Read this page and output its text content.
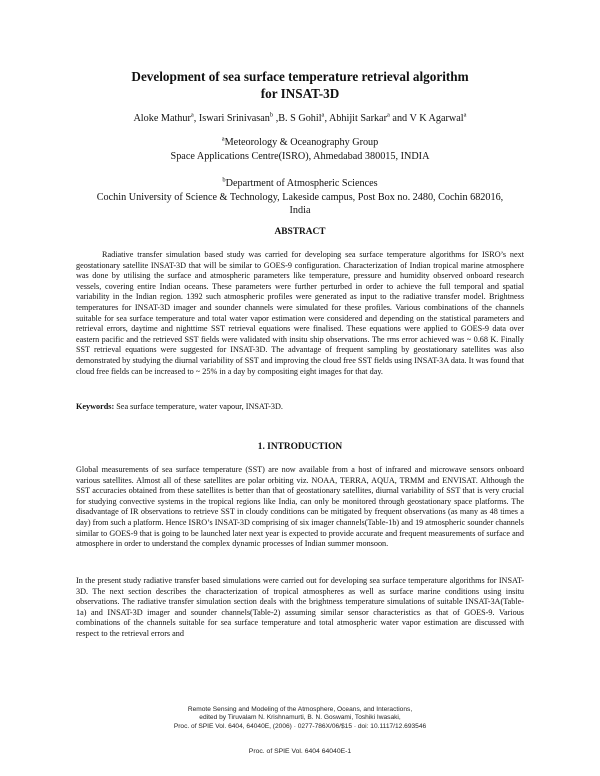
Development of sea surface temperature retrieval algorithm
for INSAT-3D
Aloke Mathur$^a$, Iswari Srinivasan$^b$ ,B. S Gohil$^a$, Abhijit Sarkar$^a$ and V K Agarwal$^a$
$^a$Meteorology & Oceanography Group
Space Applications Centre(ISRO), Ahmedabad 380015, INDIA
$^b$Department of Atmospheric Sciences
Cochin University of Science & Technology, Lakeside campus, Post Box no. 2480, Cochin 682016,
India
ABSTRACT
Radiative transfer simulation based study was carried for developing sea surface temperature algorithms for ISRO’s next geostationary satellite INSAT-3D that will be similar to GOES-9 configuration. Characterization of Indian tropical marine atmosphere was done by utilising the surface and atmospheric parameters like temperature, pressure and humidity observed onboard research vessels, covering entire Indian oceans. These parameters were further perturbed in order to achieve the full temporal and spatial variability in the Indian region. 1392 such atmospheric profiles were generated as input to the radiative transfer model. Brightness temperatures for INSAT-3D imager and sounder channels were simulated for these profiles. Various combinations of the channels suitable for sea surface temperature and total water vapor estimation were considered and depending on the statistical parameters and retrieval errors, daytime and nighttime SST retrieval equations were finalised. These equations were applied to GOES-9 data over eastern pacific and the retrieved SST fields were validated with insitu ship observations. The rms error achieved was ~ 0.68 K. Finally SST retrieval equations were suggested for INSAT-3D. The advantage of frequent sampling by geostationary satellites was also demonstrated by studying the diurnal variability of SST and improving the cloud free SST fields using INSAT-3A data. It was found that cloud free fields can be increased to ~ 25% in a day by compositing eight images for that day.
Keywords: Sea surface temperature, water vapour, INSAT-3D.
1. INTRODUCTION
Global measurements of sea surface temperature (SST) are now available from a host of infrared and microwave sensors onboard various satellites. Almost all of these satellites are polar orbiting viz. NOAA, TERRA, AQUA, TRMM and ENVISAT. Although the SST accuracies obtained from these satellites is better than that of geostationary satellites, diurnal variability of SST that is very crucial for studying convective systems in the tropical regions like India, can only be monitored through geostationary space platforms. The disadvantage of IR observations to retrieve SST in cloudy conditions can be mitigated by frequent observations (as many as 48 times a day) from such a platform. Hence ISRO’s INSAT-3D comprising of six imager channels(Table-1b) and 19 atmospheric sounder channels similar to GOES-9 that is going to be launched later next year is expected to provide accurate and frequent measurements of surface and atmosphere in order to understand the complex dynamic processes of Indian summer monsoon.
In the present study radiative transfer based simulations were carried out for developing sea surface temperature algorithms for INSAT-3D. The next section describes the characterization of tropical atmospheres as well as surface marine conditions using insitu observations. The radiative transfer simulation section deals with the brightness temperature simulations of suitable INSAT-3A(Table-1a) and INSAT-3D imager and sounder channels(Table-2) assuming similar sensor characteristics as that of GOES-9. Various combinations of the channels suitable for sea surface temperature and total atmospheric water vapor estimation are discussed with respect to the retrieval errors and
Remote Sensing and Modeling of the Atmosphere, Oceans, and Interactions,
edited by Tiruvalam N. Krishnamurti, B. N. Goswami, Toshiki Iwasaki,
Proc. of SPIE Vol. 6404, 64040E, (2006) · 0277-786X/06/$15 · doi: 10.1117/12.693546
Proc. of SPIE Vol. 6404 64040E-1
